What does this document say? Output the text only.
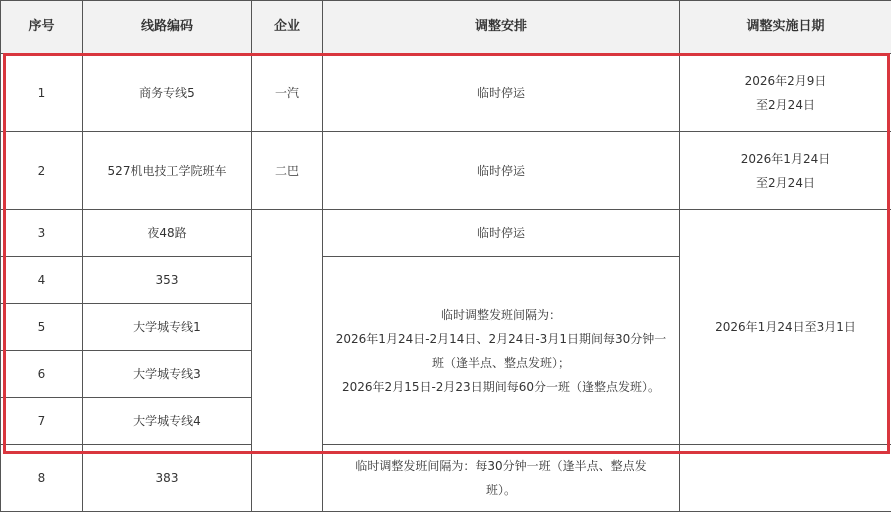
序号	线路编码	企业	调整安排	调整实施日期
1	商务专线5	一汽	临时停运	2026年2月9日
至2月24日

2	527机电技工学院班车	二巴	临时停运	2026年1月24日
至2月24日

3	夜48路		临时停运	2026年1月24日至3月1日
4	353		临时调整发班间隔为：
2026年1月24日-2月14日、2月24日-3月1日期间每30分钟一
班（逢半点、整点发班）；
2026年2月15日-2月23日期间每60分一班（逢整点发班）。	

5	大学城专线1			
6	大学城专线3			
7	大学城专线4			
8	383		临时调整发班间隔为：每30分钟一班（逢半点、整点发
班）。	
